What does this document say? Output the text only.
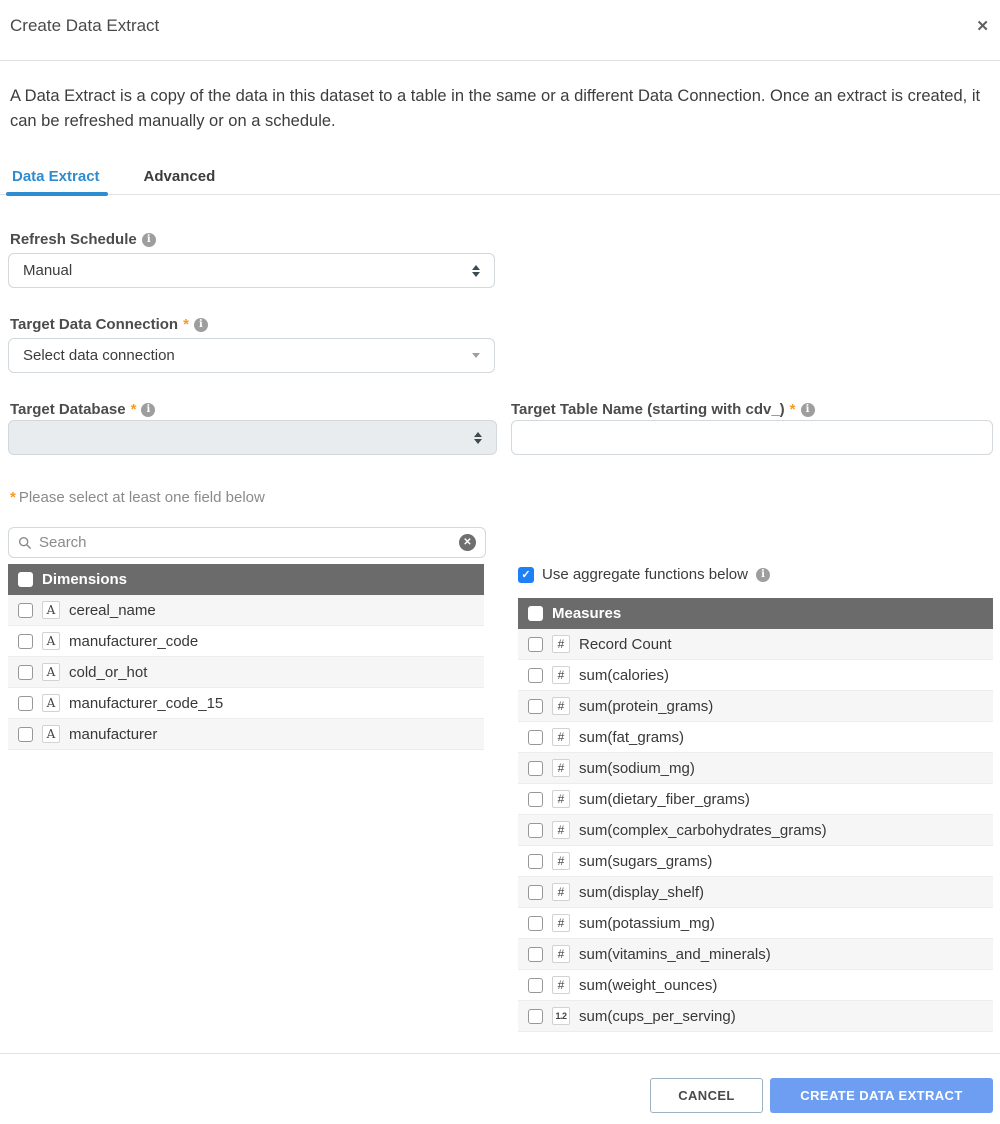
Create Data Extract	✕

A Data Extract is a copy of the data in this dataset to a table in the same or a different Data Connection. Once an extract is created, it can be refreshed manually or on a schedule.

Data Extract	Advanced
Refresh Schedule	i
Manual
Target Data Connection *	i
Select data connection
Target Database *	i	Target Table Name (starting with cdv_) *	i
* Please select at least one field below
Search
✕
Dimensions
A cereal_name
A manufacturer_code
A cold_or_hot
A manufacturer_code_15
A manufacturer
✓ Use aggregate functions below	i
Measures
# Record Count
# sum(calories)
# sum(protein_grams)
# sum(fat_grams)
# sum(sodium_mg)
# sum(dietary_fiber_grams)
# sum(complex_carbohydrates_grams)
# sum(sugars_grams)
# sum(display_shelf)
# sum(potassium_mg)
# sum(vitamins_and_minerals)
# sum(weight_ounces)
1.2 sum(cups_per_serving)
CANCEL	CREATE DATA EXTRACT
